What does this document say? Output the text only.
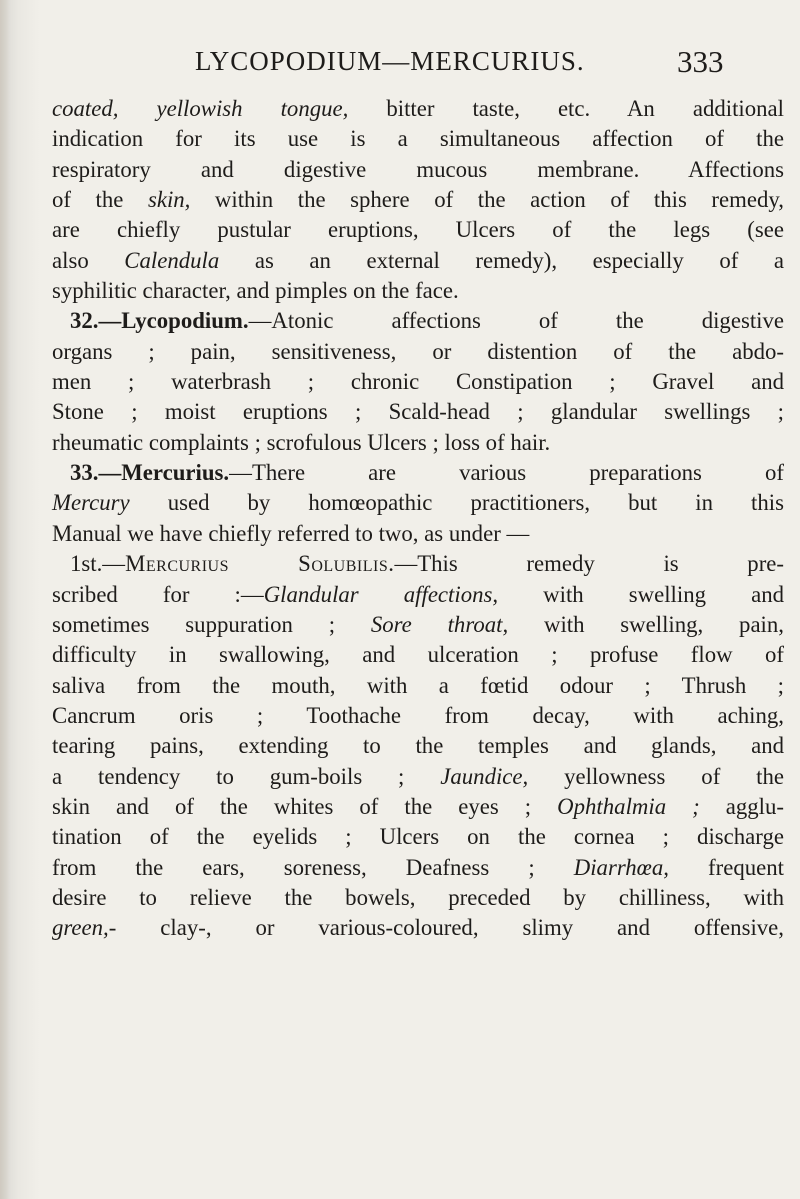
LYCOPODIUM—MERCURIUS.	333
coated, yellowish tongue, bitter taste, etc. An additional
indication for its use is a simultaneous affection of the
respiratory and digestive mucous membrane. Affections
of the skin, within the sphere of the action of this remedy,
are chiefly pustular eruptions, Ulcers of the legs (see
also Calendula as an external remedy), especially of a
syphilitic character, and pimples on the face.
32.—Lycopodium.—Atonic affections of the digestive
organs ; pain, sensitiveness, or distention of the abdo-
men ; waterbrash ; chronic Constipation ; Gravel and
Stone ; moist eruptions ; Scald-head ; glandular swellings ;
rheumatic complaints ; scrofulous Ulcers ; loss of hair.
33.—Mercurius.—There are various preparations of
Mercury used by homœopathic practitioners, but in this
Manual we have chiefly referred to two, as under —
1st.—Mercurius Solubilis.—This remedy is pre-
scribed for :—Glandular affections, with swelling and
sometimes suppuration ; Sore throat, with swelling, pain,
difficulty in swallowing, and ulceration ; profuse flow of
saliva from the mouth, with a fœtid odour ; Thrush ;
Cancrum oris ; Toothache from decay, with aching,
tearing pains, extending to the temples and glands, and
a tendency to gum-boils ; Jaundice, yellowness of the
skin and of the whites of the eyes ; Ophthalmia ; agglu-
tination of the eyelids ; Ulcers on the cornea ; discharge
from the ears, soreness, Deafness ; Diarrhœa, frequent
desire to relieve the bowels, preceded by chilliness, with
green,- clay-, or various-coloured, slimy and offensive,
